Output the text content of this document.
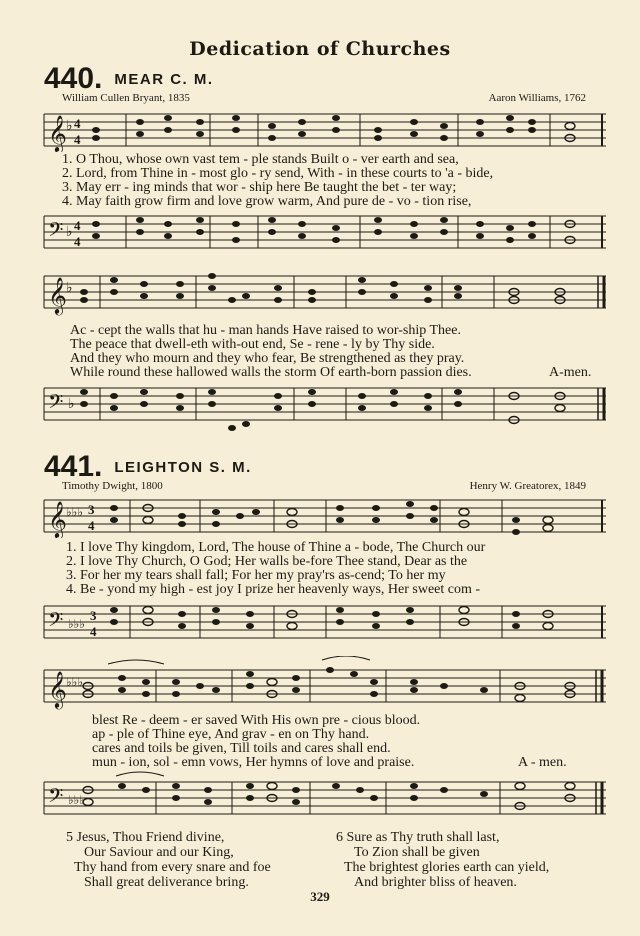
Dedication of Churches
440. MEAR C. M.
William Cullen Bryant, 1835	Aaron Williams, 1762
𝄞 ♭ 4
4
1. O Thou, whose own vast tem - ple stands Built o - ver earth and sea,
2. Lord, from Thine in - most glo - ry send, With - in these courts to 'a - bide,
3. May err - ing minds that wor - ship here Be taught the bet - ter way;
4. May faith grow firm and love grow warm, And pure de - vo - tion rise,
𝄢 ♭ 4
4
𝄞 ♭
Ac - cept the walls that hu - man hands Have raised to wor-ship Thee.
The peace that dwell-eth with-out end, Se - rene - ly by Thy side.
And they who mourn and they who fear, Be strengthened as they pray.
While round these hallowed walls the storm Of earth-born passion dies.	A-men.
𝄢 ♭
441. LEIGHTON S. M.
Timothy Dwight, 1800	Henry W. Greatorex, 1849
𝄞 ♭♭♭ 3
4
1. I love Thy kingdom, Lord, The house of Thine a - bode, The Church our
2. I love Thy Church, O God; Her walls be-fore Thee stand, Dear as the
3. For her my tears shall fall; For her my pray'rs as-cend; To her my
4. Be - yond my high - est joy I prize her heavenly ways, Her sweet com -
𝄢 ♭♭♭
3
4
𝄞 ♭♭♭
blest Re - deem - er saved With His own pre - cious blood.
ap - ple of Thine eye, And grav - en on Thy hand.
cares and toils be given, Till toils and cares shall end.
mun - ion, sol - emn vows, Her hymns of love and praise.	A - men.
𝄢 ♭♭♭
5 Jesus, Thou Friend divine,
Our Saviour and our King,
Thy hand from every snare and foe
Shall great deliverance bring.
6 Sure as Thy truth shall last,
To Zion shall be given
The brightest glories earth can yield,
And brighter bliss of heaven.
329
